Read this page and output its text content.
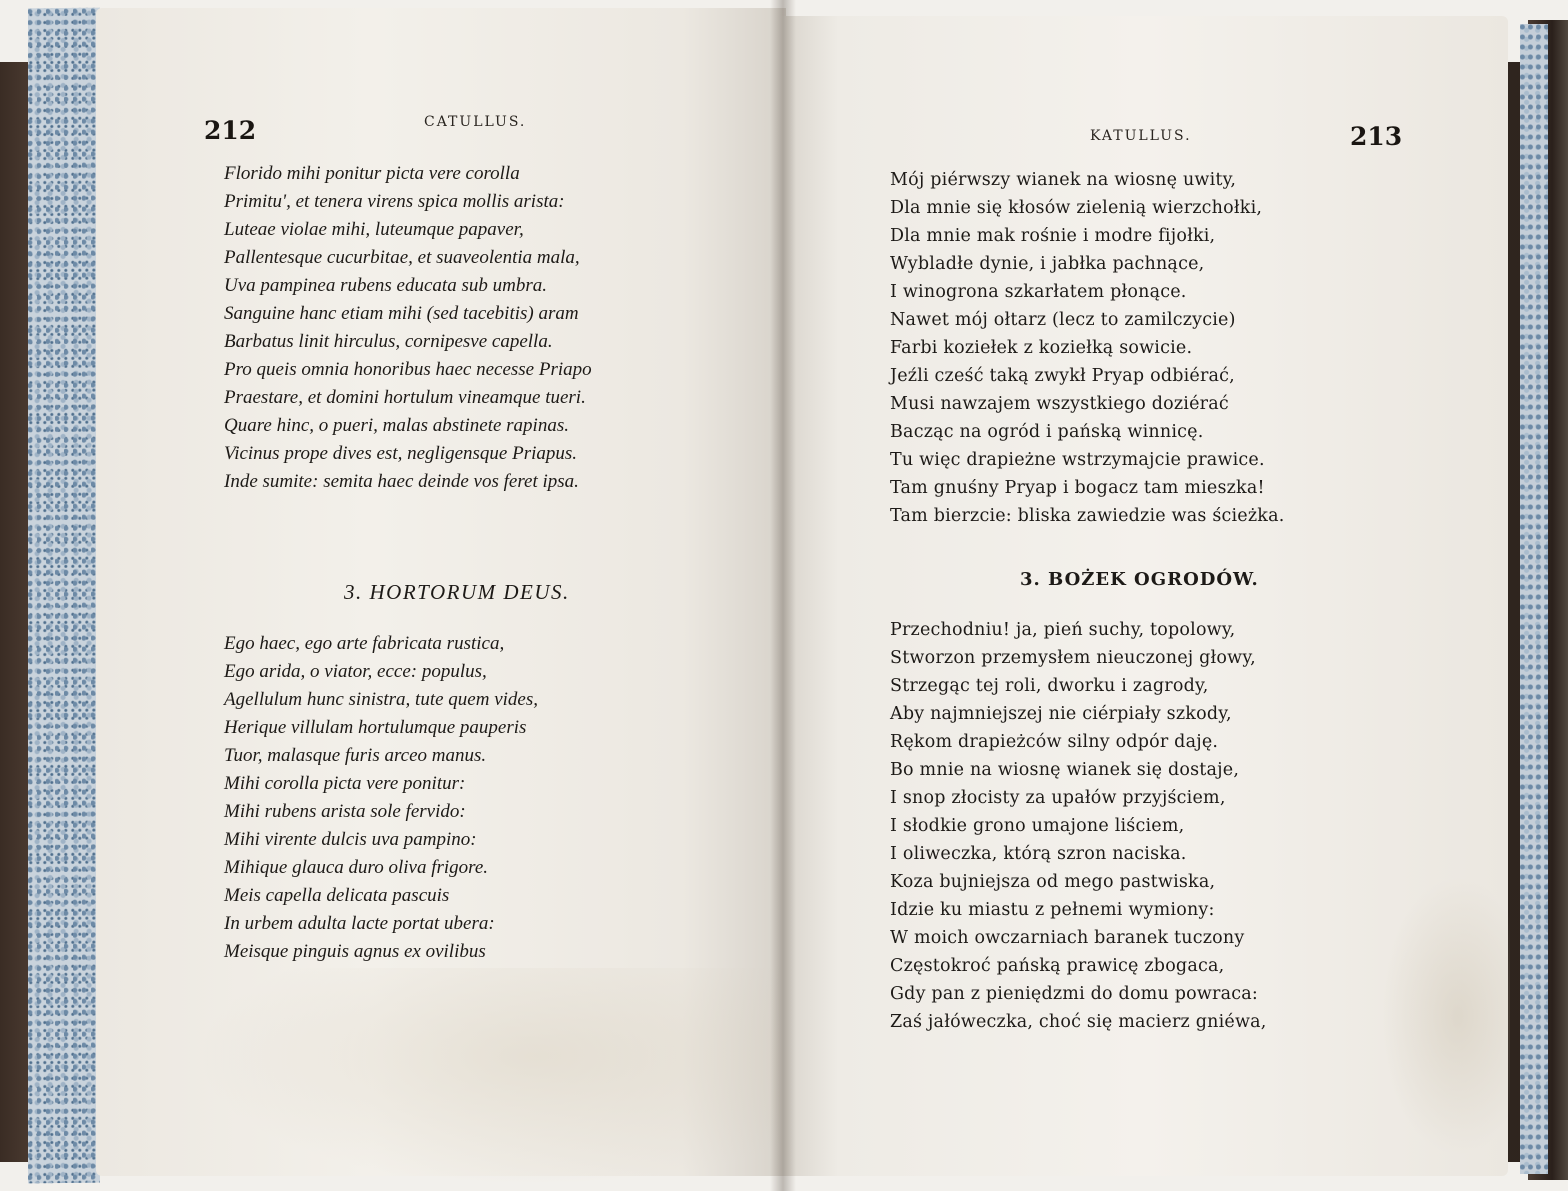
212	CATULLUS.
Florido mihi ponitur picta vere corolla
Primitu', et tenera virens spica mollis arista:
Luteae violae mihi, luteumque papaver,
Pallentesque cucurbitae, et suaveolentia mala,
Uva pampinea rubens educata sub umbra.
Sanguine hanc etiam mihi (sed tacebitis) aram
Barbatus linit hirculus, cornipesve capella.
Pro queis omnia honoribus haec necesse Priapo
Praestare, et domini hortulum vineamque tueri.
Quare hinc, o pueri, malas abstinete rapinas.
Vicinus prope dives est, negligensque Priapus.
Inde sumite: semita haec deinde vos feret ipsa.
3. HORTORUM DEUS.
Ego haec, ego arte fabricata rustica,
Ego arida, o viator, ecce: populus,
Agellulum hunc sinistra, tute quem vides,
Herique villulam hortulumque pauperis
Tuor, malasque furis arceo manus.
Mihi corolla picta vere ponitur:
Mihi rubens arista sole fervido:
Mihi virente dulcis uva pampino:
Mihique glauca duro oliva frigore.
Meis capella delicata pascuis
In urbem adulta lacte portat ubera:
Meisque pinguis agnus ex ovilibus
KATULLUS.	213
Mój piérwszy wianek na wiosnę uwity,
Dla mnie się kłosów zielenią wierzchołki,
Dla mnie mak rośnie i modre fijołki,
Wybladłe dynie, i jabłka pachnące,
I winogrona szkarłatem płonące.
Nawet mój ołtarz (lecz to zamilczycie)
Farbi koziełek z koziełką sowicie.
Jeźli cześć taką zwykł Pryap odbiérać,
Musi nawzajem wszystkiego doziérać
Bacząc na ogród i pańską winnicę.
Tu więc drapieżne wstrzymajcie prawice.
Tam gnuśny Pryap i bogacz tam mieszka!
Tam bierzcie: bliska zawiedzie was ścieżka.
3. BOŻEK OGRODÓW.
Przechodniu! ja, pień suchy, topolowy,
Stworzon przemysłem nieuczonej głowy,
Strzegąc tej roli, dworku i zagrody,
Aby najmniejszej nie ciérpiały szkody,
Rękom drapieżców silny odpór daję.
Bo mnie na wiosnę wianek się dostaje,
I snop złocisty za upałów przyjściem,
I słodkie grono umajone liściem,
I oliweczka, którą szron naciska.
Koza bujniejsza od mego pastwiska,
Idzie ku miastu z pełnemi wymiony:
W moich owczarniach baranek tuczony
Częstokroć pańską prawicę zbogaca,
Gdy pan z pieniędzmi do domu powraca:
Zaś jałóweczka, choć się macierz gniéwa,
